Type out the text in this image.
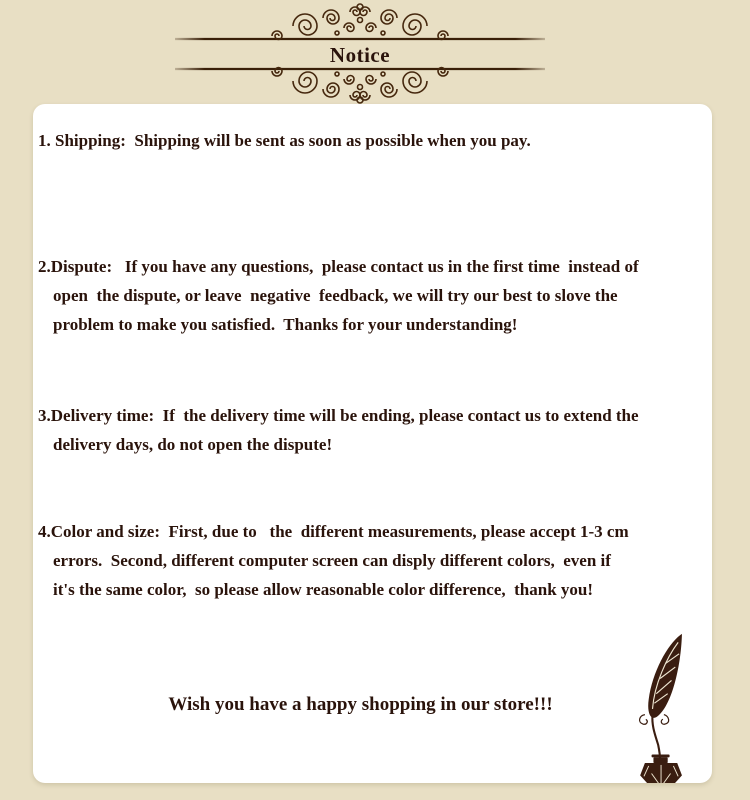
Notice
1. Shipping:  Shipping will be sent as soon as possible when you pay.
2.Dispute:   If you have any questions,  please contact us in the first time  instead of
open  the dispute, or leave  negative  feedback, we will try our best to slove the
problem to make you satisfied.  Thanks for your understanding!
3.Delivery time:  If  the delivery time will be ending, please contact us to extend the
delivery days, do not open the dispute!
4.Color and size:  First, due to   the  different measurements, please accept 1-3 cm
errors.  Second, different computer screen can disply different colors,  even if
it's the same color,  so please allow reasonable color difference,  thank you!
Wish you have a happy shopping in our store!!!
